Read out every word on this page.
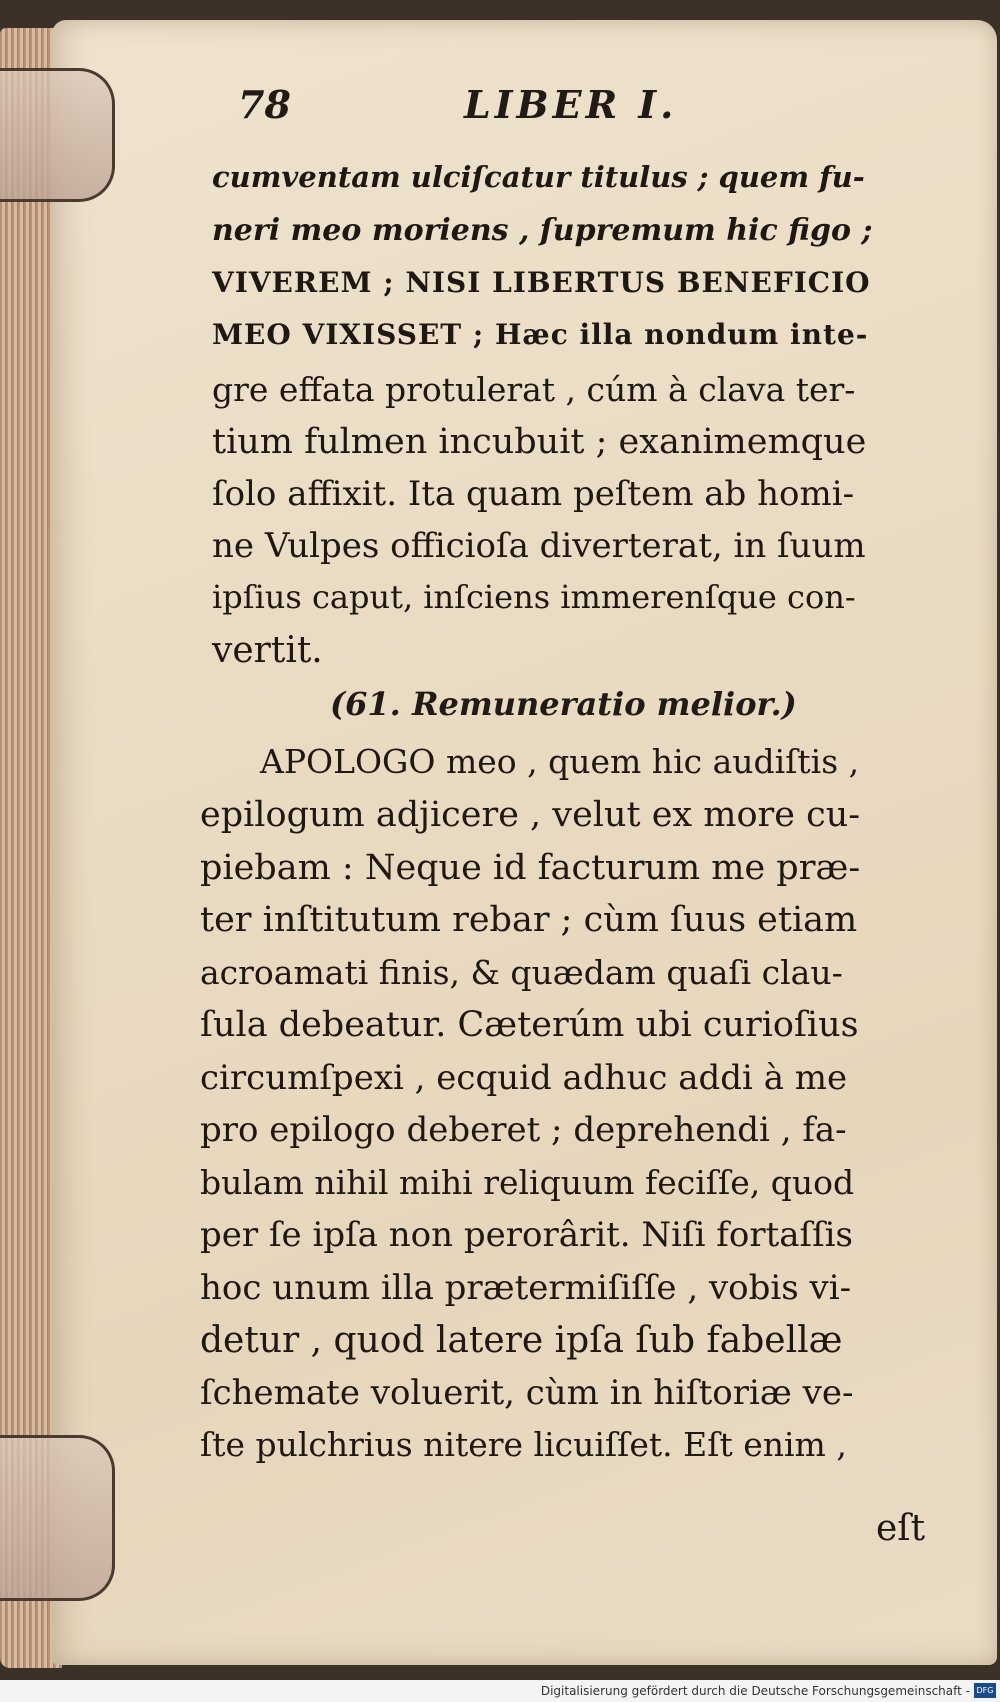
78	LIBER I.
cumventam ulciſcatur titulus ; quem fu-
neri meo moriens , ſupremum hic figo ;
VIVEREM ; NISI LIBERTUS BENEFICIO
MEO VIXISSET ; Hæc illa nondum inte-
gre effata protulerat , cúm à clava ter-
tium fulmen incubuit ; exanimemque
ſolo affixit. Ita quam peſtem ab homi-
ne Vulpes officioſa diverterat, in ſuum
ipſius caput, inſciens immerenſque con-
vertit.
(61. Remuneratio melior.)
APOLOGO meo , quem hic audiſtis ,
epilogum adjicere , velut ex more cu-
piebam : Neque id facturum me præ-
ter inſtitutum rebar ; cùm ſuus etiam
acroamati finis, & quædam quaſi clau-
ſula debeatur. Cæterúm ubi curioſius
circumſpexi , ecquid adhuc addi à me
pro epilogo deberet ; deprehendi , fa-
bulam nihil mihi reliquum feciſſe, quod
per ſe ipſa non perorârit. Niſi fortaſſis
hoc unum illa prætermiſiſſe , vobis vi-
detur , quod latere ipſa ſub fabellæ
ſchemate voluerit, cùm in hiſtoriæ ve-
ſte pulchrius nitere licuiſſet. Eſt enim ,
eſt
Digitalisierung gefördert durch die Deutsche Forschungsgemeinschaft - DFG
